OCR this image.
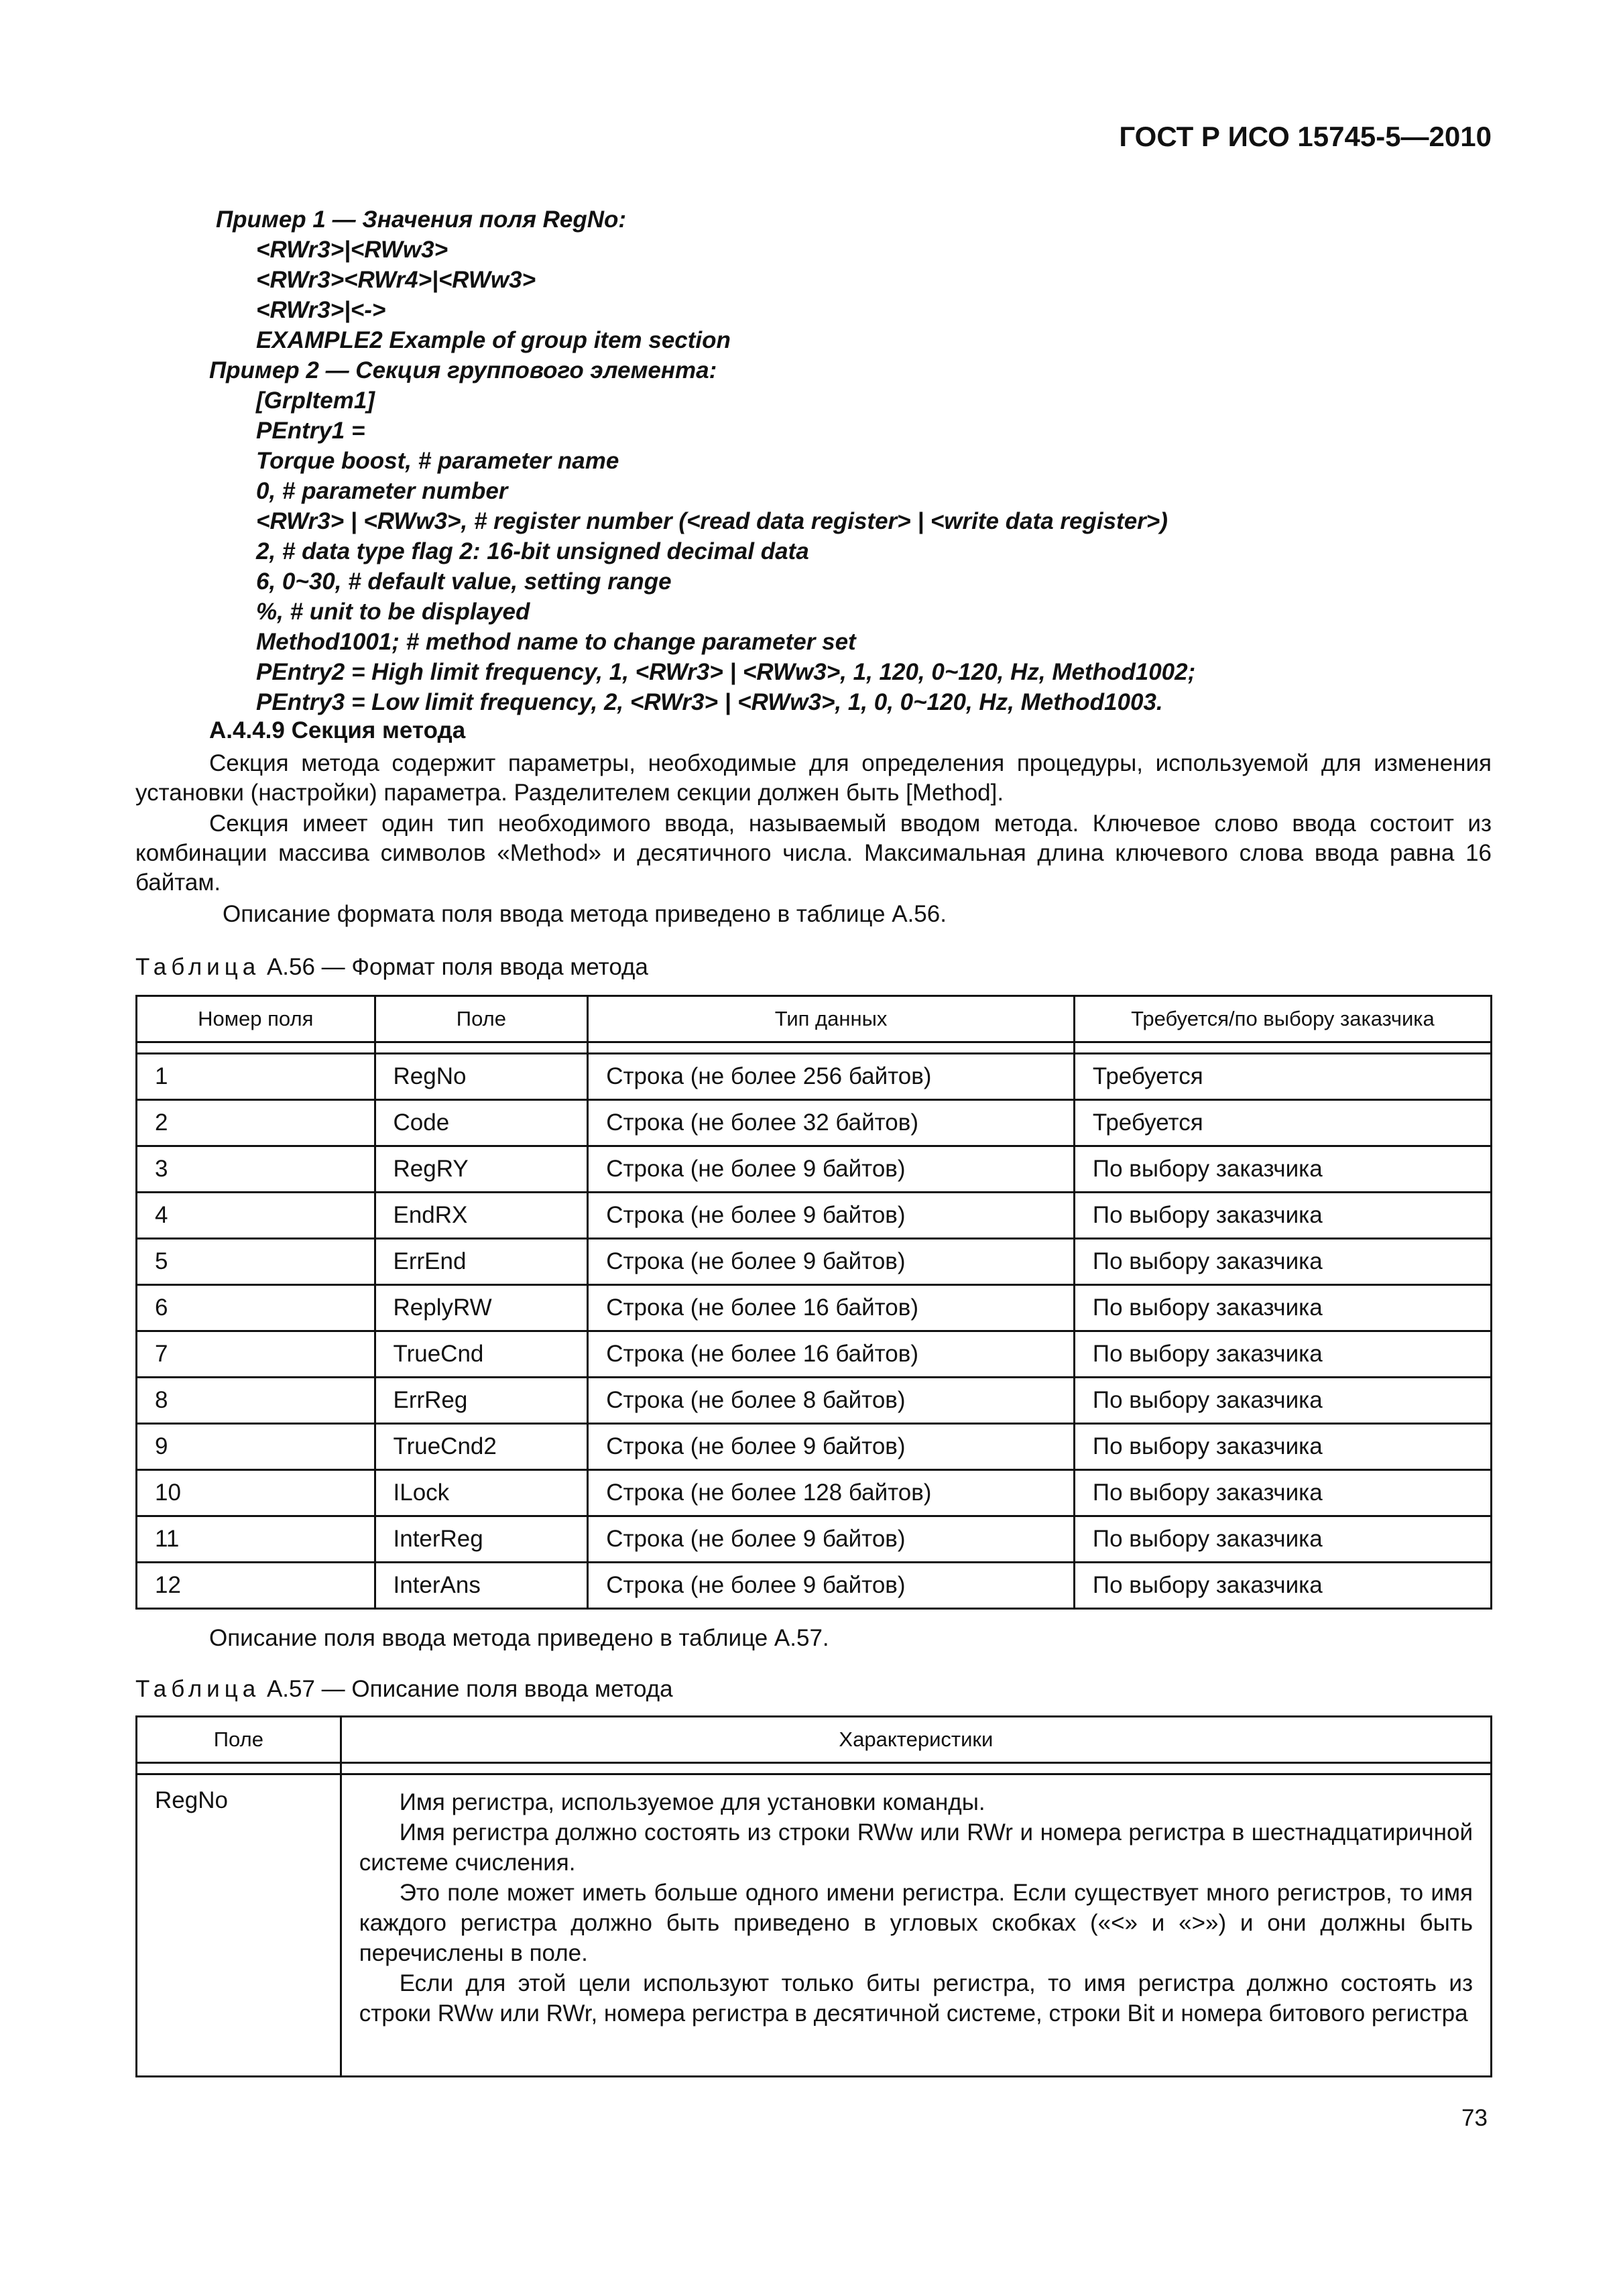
ГОСТ Р ИСО 15745-5—2010
Пример 1 — Значения поля RegNo:
<RWr3>|<RWw3>
<RWr3><RWr4>|<RWw3>
<RWr3>|<->
EXAMPLE2 Example of group item section
Пример 2 — Секция группового элемента:
[GrpItem1]
PEntry1 =
Torque boost, # parameter name
0, # parameter number
<RWr3> | <RWw3>, # register number (<read data register> | <write data register>)
2, # data type flag 2: 16-bit unsigned decimal data
6, 0~30, # default value, setting range
%, # unit to be displayed
Method1001; # method name to change parameter set
PEntry2 = High limit frequency, 1, <RWr3> | <RWw3>, 1, 120, 0~120, Hz, Method1002;
PEntry3 = Low limit frequency, 2, <RWr3> | <RWw3>, 1, 0, 0~120, Hz, Method1003.
А.4.4.9 Секция метода

Секция метода содержит параметры, необходимые для определения процедуры, используемой для изменения установки (настройки) параметра. Разделителем секции должен быть [Method].

Секция имеет один тип необходимого ввода, называемый вводом метода. Ключевое слово ввода состоит из комбинации массива символов «Method» и десятичного числа. Максимальная длина ключевого слова ввода равна 16 байтам.

Описание формата поля ввода метода приведено в таблице А.56.

Таблица А.56 — Формат поля ввода метода
Номер поля	Поле	Тип данных	Требуется/по выбору заказчика

1	RegNo	Строка (не более 256 байтов)	Требуется
2	Code	Строка (не более 32 байтов)	Требуется
3	RegRY	Строка (не более 9 байтов)	По выбору заказчика
4	EndRX	Строка (не более 9 байтов)	По выбору заказчика
5	ErrEnd	Строка (не более 9 байтов)	По выбору заказчика
6	ReplyRW	Строка (не более 16 байтов)	По выбору заказчика
7	TrueCnd	Строка (не более 16 байтов)	По выбору заказчика
8	ErrReg	Строка (не более 8 байтов)	По выбору заказчика
9	TrueCnd2	Строка (не более 9 байтов)	По выбору заказчика
10	ILock	Строка (не более 128 байтов)	По выбору заказчика
11	InterReg	Строка (не более 9 байтов)	По выбору заказчика
12	InterAns	Строка (не более 9 байтов)	По выбору заказчика

Описание поля ввода метода приведено в таблице А.57.

Таблица А.57 — Описание поля ввода метода
Поле	Характеристики

RegNo	Имя регистра, используемое для установки команды.

Имя регистра должно состоять из строки RWw или RWr и номера регистра в шестнадцатиричной системе счисления.

Это поле может иметь больше одного имени регистра. Если существует много регистров, то имя каждого регистра должно быть приведено в угловых скобках («<» и «>») и они должны быть перечислены в поле.

Если для этой цели используют только биты регистра, то имя регистра должно состоять из строки RWw или RWr, номера регистра в десятичной системе, строки Bit и номера битового регистра

73
